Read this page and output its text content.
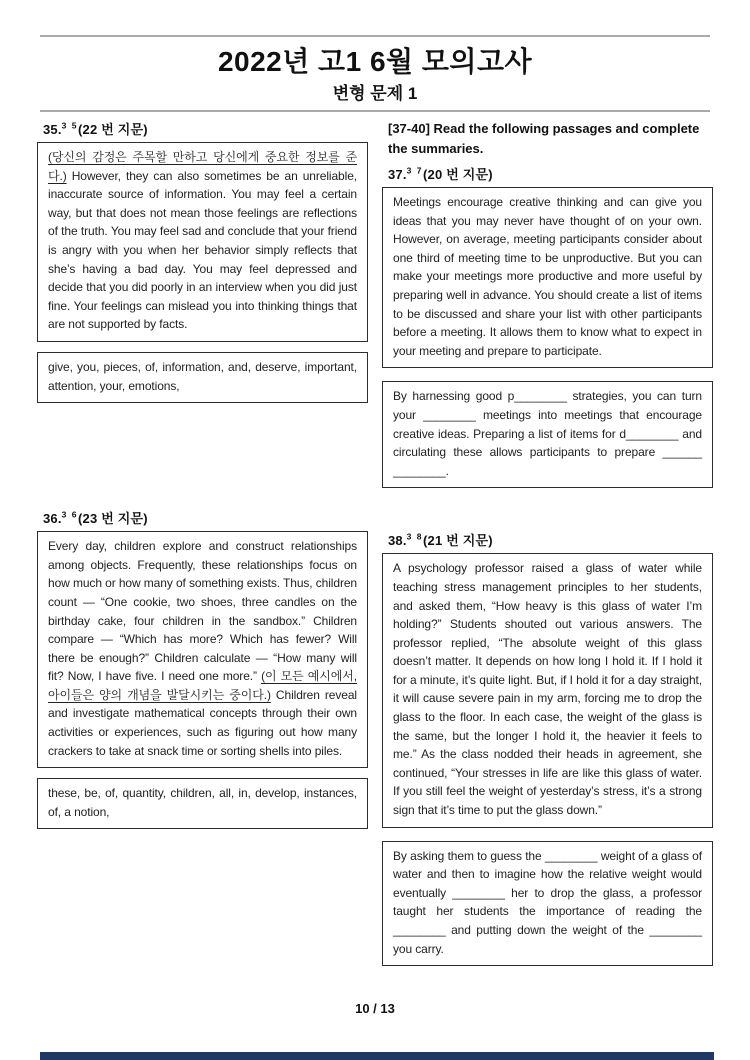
2022년 고1 6월 모의고사
변형 문제 1
35.$^{3 5}$(22 번 지문)
(당신의 감정은 주목할 만하고 당신에게 중요한 정보를 준다.) However, they can also sometimes be an unreliable, inaccurate source of information. You may feel a certain way, but that does not mean those feelings are reflections of the truth. You may feel sad and conclude that your friend is angry with you when her behavior simply reflects that she’s having a bad day. You may feel depressed and decide that you did poorly in an interview when you did just fine. Your feelings can mislead you into thinking things that are not supported by facts.
give, you, pieces, of, information, and, deserve, important, attention, your, emotions,
36.$^{3 6}$(23 번 지문)
Every day, children explore and construct relationships among objects. Frequently, these relationships focus on how much or how many of something exists. Thus, children count — “One cookie, two shoes, three candles on the birthday cake, four children in the sandbox.” Children compare — “Which has more? Which has fewer? Will there be enough?” Children calculate — “How many will fit? Now, I have five. I need one more.” (이 모든 예시에서, 아이들은 양의 개념을 발달시키는 중이다.) Children reveal and investigate mathematical concepts through their own activities or experiences, such as figuring out how many crackers to take at snack time or sorting shells into piles.
these, be, of, quantity, children, all, in, develop, instances, of, a notion,
[37-40] Read the following passages and complete the summaries.
37.$^{3 7}$(20 번 지문)
Meetings encourage creative thinking and can give you ideas that you may never have thought of on your own. However, on average, meeting participants consider about one third of meeting time to be unproductive. But you can make your meetings more productive and more useful by preparing well in advance. You should create a list of items to be discussed and share your list with other participants before a meeting. It allows them to know what to expect in your meeting and prepare to participate.
By harnessing good p________ strategies, you can turn your ________ meetings into meetings that encourage creative ideas. Preparing a list of items for d________ and circulating these allows participants to prepare ______ ________.
38.$^{3 8}$(21 번 지문)
A psychology professor raised a glass of water while teaching stress management principles to her students, and asked them, “How heavy is this glass of water I’m holding?” Students shouted out various answers. The professor replied, “The absolute weight of this glass doesn’t matter. It depends on how long I hold it. If I hold it for a minute, it’s quite light. But, if I hold it for a day straight, it will cause severe pain in my arm, forcing me to drop the glass to the floor. In each case, the weight of the glass is the same, but the longer I hold it, the heavier it feels to me.” As the class nodded their heads in agreement, she continued, “Your stresses in life are like this glass of water. If you still feel the weight of yesterday’s stress, it’s a strong sign that it’s time to put the glass down.”
By asking them to guess the ________ weight of a glass of water and then to imagine how the relative weight would eventually ________ her to drop the glass, a professor taught her students the importance of reading the ________ and putting down the weight of the ________ you carry.
10 / 13
